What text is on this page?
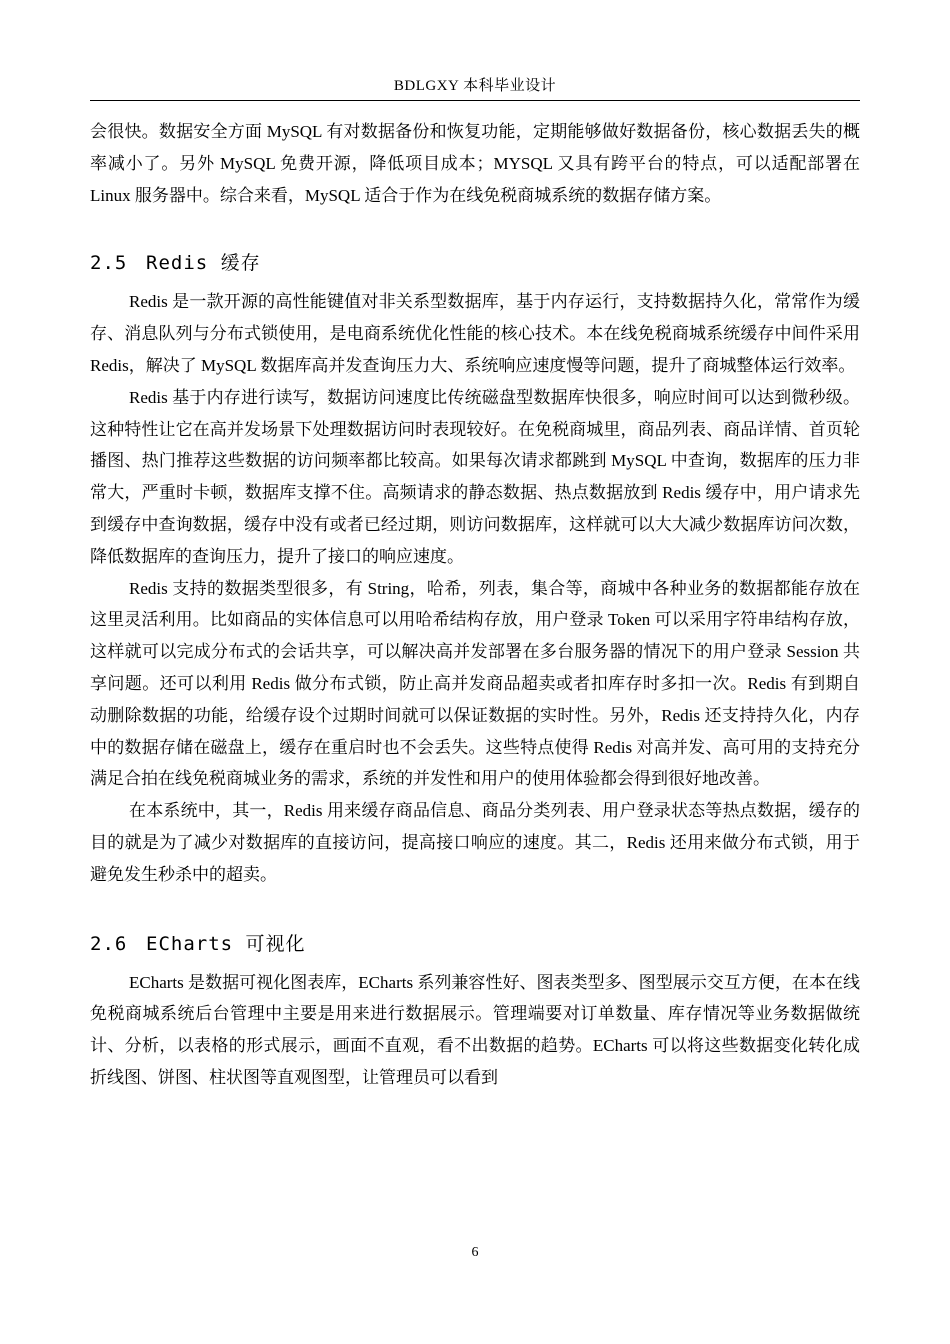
BDLGXY 本科毕业设计

会很快。数据安全方面 MySQL 有对数据备份和恢复功能，定期能够做好数据备份，核心数据丢失的概率减小了。另外 MySQL 免费开源，降低项目成本；MYSQL 又具有跨平台的特点，可以适配部署在 Linux 服务器中。综合来看，MySQL 适合于作为在线免税商城系统的数据存储方案。

2.5 Redis 缓存

Redis 是一款开源的高性能键值对非关系型数据库，基于内存运行，支持数据持久化，常常作为缓存、消息队列与分布式锁使用，是电商系统优化性能的核心技术。本在线免税商城系统缓存中间件采用 Redis，解决了 MySQL 数据库高并发查询压力大、系统响应速度慢等问题，提升了商城整体运行效率。

Redis 基于内存进行读写，数据访问速度比传统磁盘型数据库快很多，响应时间可以达到微秒级。这种特性让它在高并发场景下处理数据访问时表现较好。在免税商城里，商品列表、商品详情、首页轮播图、热门推荐这些数据的访问频率都比较高。如果每次请求都跳到 MySQL 中查询，数据库的压力非常大，严重时卡顿，数据库支撑不住。高频请求的静态数据、热点数据放到 Redis 缓存中，用户请求先到缓存中查询数据，缓存中没有或者已经过期，则访问数据库，这样就可以大大减少数据库访问次数，降低数据库的查询压力，提升了接口的响应速度。

Redis 支持的数据类型很多，有 String，哈希，列表，集合等，商城中各种业务的数据都能存放在这里灵活利用。比如商品的实体信息可以用哈希结构存放，用户登录 Token 可以采用字符串结构存放，这样就可以完成分布式的会话共享，可以解决高并发部署在多台服务器的情况下的用户登录 Session 共享问题。还可以利用 Redis 做分布式锁，防止高并发商品超卖或者扣库存时多扣一次。Redis 有到期自动删除数据的功能，给缓存设个过期时间就可以保证数据的实时性。另外，Redis 还支持持久化，内存中的数据存储在磁盘上，缓存在重启时也不会丢失。这些特点使得 Redis 对高并发、高可用的支持充分满足合拍在线免税商城业务的需求，系统的并发性和用户的使用体验都会得到很好地改善。

在本系统中，其一，Redis 用来缓存商品信息、商品分类列表、用户登录状态等热点数据，缓存的目的就是为了减少对数据库的直接访问，提高接口响应的速度。其二，Redis 还用来做分布式锁，用于避免发生秒杀中的超卖。

2.6 ECharts 可视化

ECharts 是数据可视化图表库，ECharts 系列兼容性好、图表类型多、图型展示交互方便，在本在线免税商城系统后台管理中主要是用来进行数据展示。管理端要对订单数量、库存情况等业务数据做统计、分析，以表格的形式展示，画面不直观，看不出数据的趋势。ECharts 可以将这些数据变化转化成折线图、饼图、柱状图等直观图型，让管理员可以看到

6
